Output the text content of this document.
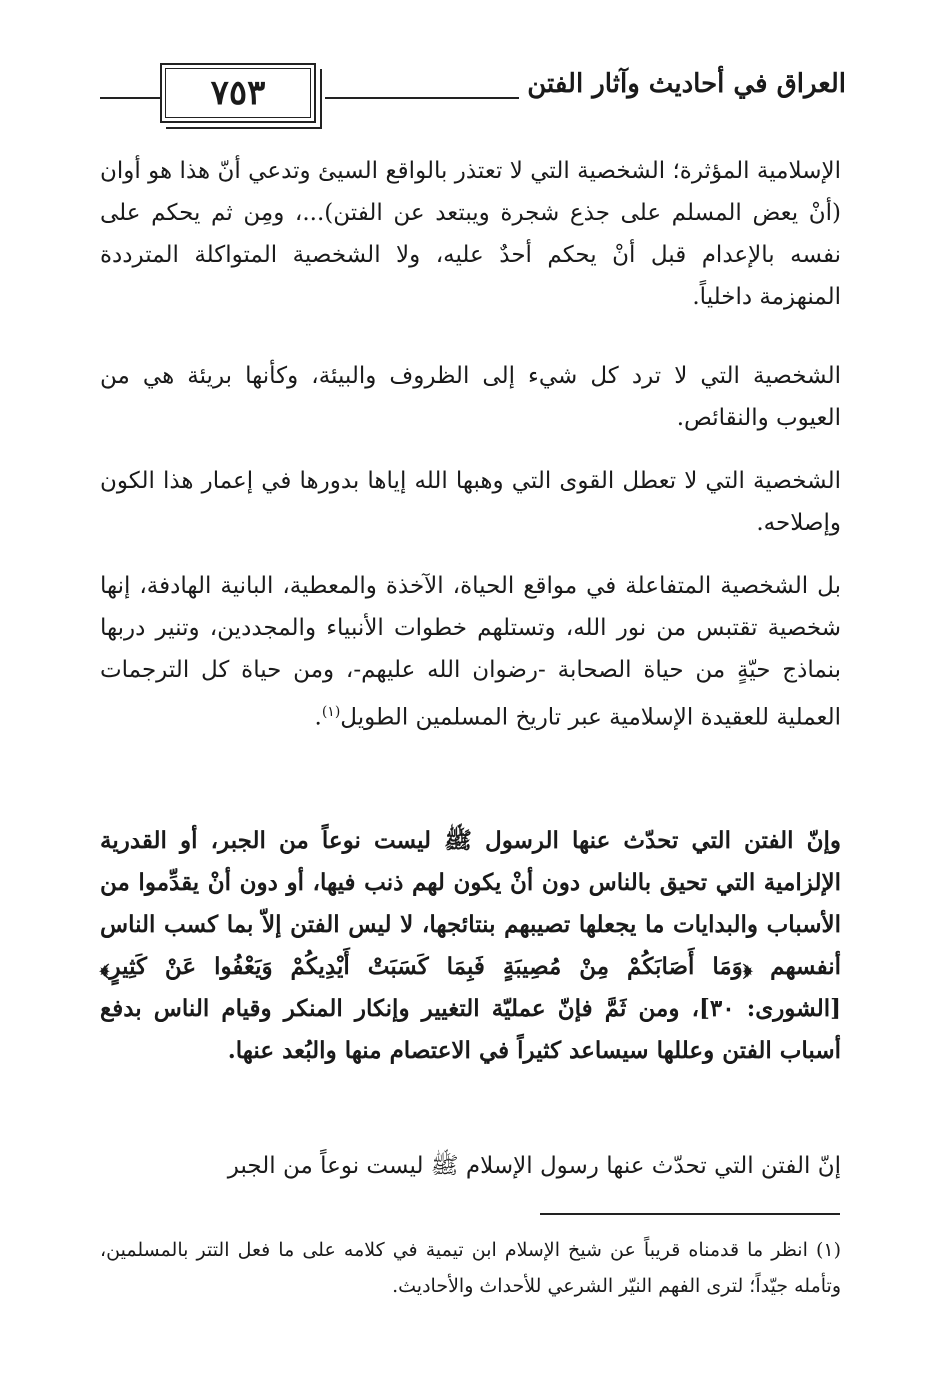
٧٥٣	العراق في أحاديث وآثار الفتن
الإسلامية المؤثرة؛ الشخصية التي لا تعتذر بالواقع السيئ وتدعي أنّ هذا هو أوان (أنْ يعض المسلم على جذع شجرة ويبتعد عن الفتن)...، ومِن ثم يحكم على نفسه بالإعدام قبل أنْ يحكم أحدٌ عليه، ولا الشخصية المتواكلة المترددة المنهزمة داخلياً.
الشخصية التي لا ترد كل شيء إلى الظروف والبيئة، وكأنها بريئة هي من العيوب والنقائص.
الشخصية التي لا تعطل القوى التي وهبها الله إياها بدورها في إعمار هذا الكون وإصلاحه.
بل الشخصية المتفاعلة في مواقع الحياة، الآخذة والمعطية، البانية الهادفة، إنها شخصية تقتبس من نور الله، وتستلهم خطوات الأنبياء والمجددين، وتنير دربها بنماذج حيّةٍ من حياة الصحابة -رضوان الله عليهم-، ومن حياة كل الترجمات العملية للعقيدة الإسلامية عبر تاريخ المسلمين الطويل$^{(١)}$.
وإنّ الفتن التي تحدّث عنها الرسول ﷺ ليست نوعاً من الجبر، أو القدرية الإلزامية التي تحيق بالناس دون أنْ يكون لهم ذنب فيها، أو دون أنْ يقدِّموا من الأسباب والبدايات ما يجعلها تصيبهم بنتائجها، لا ليس الفتن إلاّ بما كسب الناس أنفسهم ﴿وَمَا أَصَابَكُمْ مِنْ مُصِيبَةٍ فَبِمَا كَسَبَتْ أَيْدِيكُمْ وَيَعْفُوا عَنْ كَثِيرٍ﴾ [الشورى: ٣٠]، ومن ثَمَّ فإنّ عمليّة التغيير وإنكار المنكر وقيام الناس بدفع أسباب الفتن وعللها سيساعد كثيراً في الاعتصام منها والبُعد عنها.
إنّ الفتن التي تحدّث عنها رسول الإسلام ﷺ ليست نوعاً من الجبر
(١) انظر ما قدمناه قريباً عن شيخ الإسلام ابن تيمية في كلامه على ما فعل التتر بالمسلمين، وتأمله جيّداً؛ لترى الفهم النيّر الشرعي للأحداث والأحاديث.
